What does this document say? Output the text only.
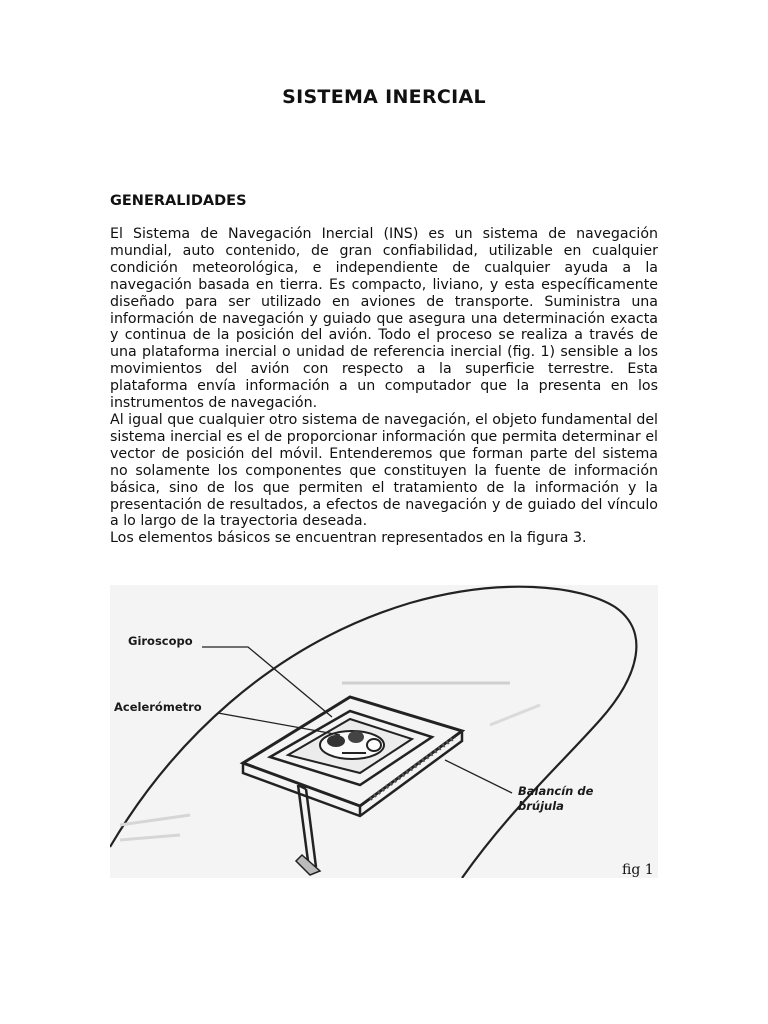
SISTEMA INERCIAL
GENERALIDADES

El Sistema de Navegación Inercial (INS) es un sistema de navegación mundial, auto contenido, de gran confiabilidad, utilizable en cualquier condición meteorológica, e independiente de cualquier ayuda a la navegación basada en tierra. Es compacto, liviano, y esta específicamente diseñado para ser utilizado en aviones de transporte. Suministra una información de navegación y guiado que asegura una determinación exacta y continua de la posición del avión. Todo el proceso se realiza a través de una plataforma inercial o unidad de referencia inercial (fig. 1) sensible a los movimientos del avión con respecto a la superficie terrestre. Esta plataforma envía información a un computador que la presenta en los instrumentos de navegación.

Al igual que cualquier otro sistema de navegación, el objeto fundamental del sistema inercial es el de proporcionar información que permita determinar el vector de posición del móvil. Entenderemos que forman parte del sistema no solamente los componentes que constituyen la fuente de información básica, sino de los que permiten el tratamiento de la información y la presentación de resultados, a efectos de navegación y de guiado del vínculo a lo largo de la trayectoria deseada.

Los elementos básicos se encuentran representados en la figura 3.

Giroscopo
Acelerómetro
Balancín de
brújula
fig 1
